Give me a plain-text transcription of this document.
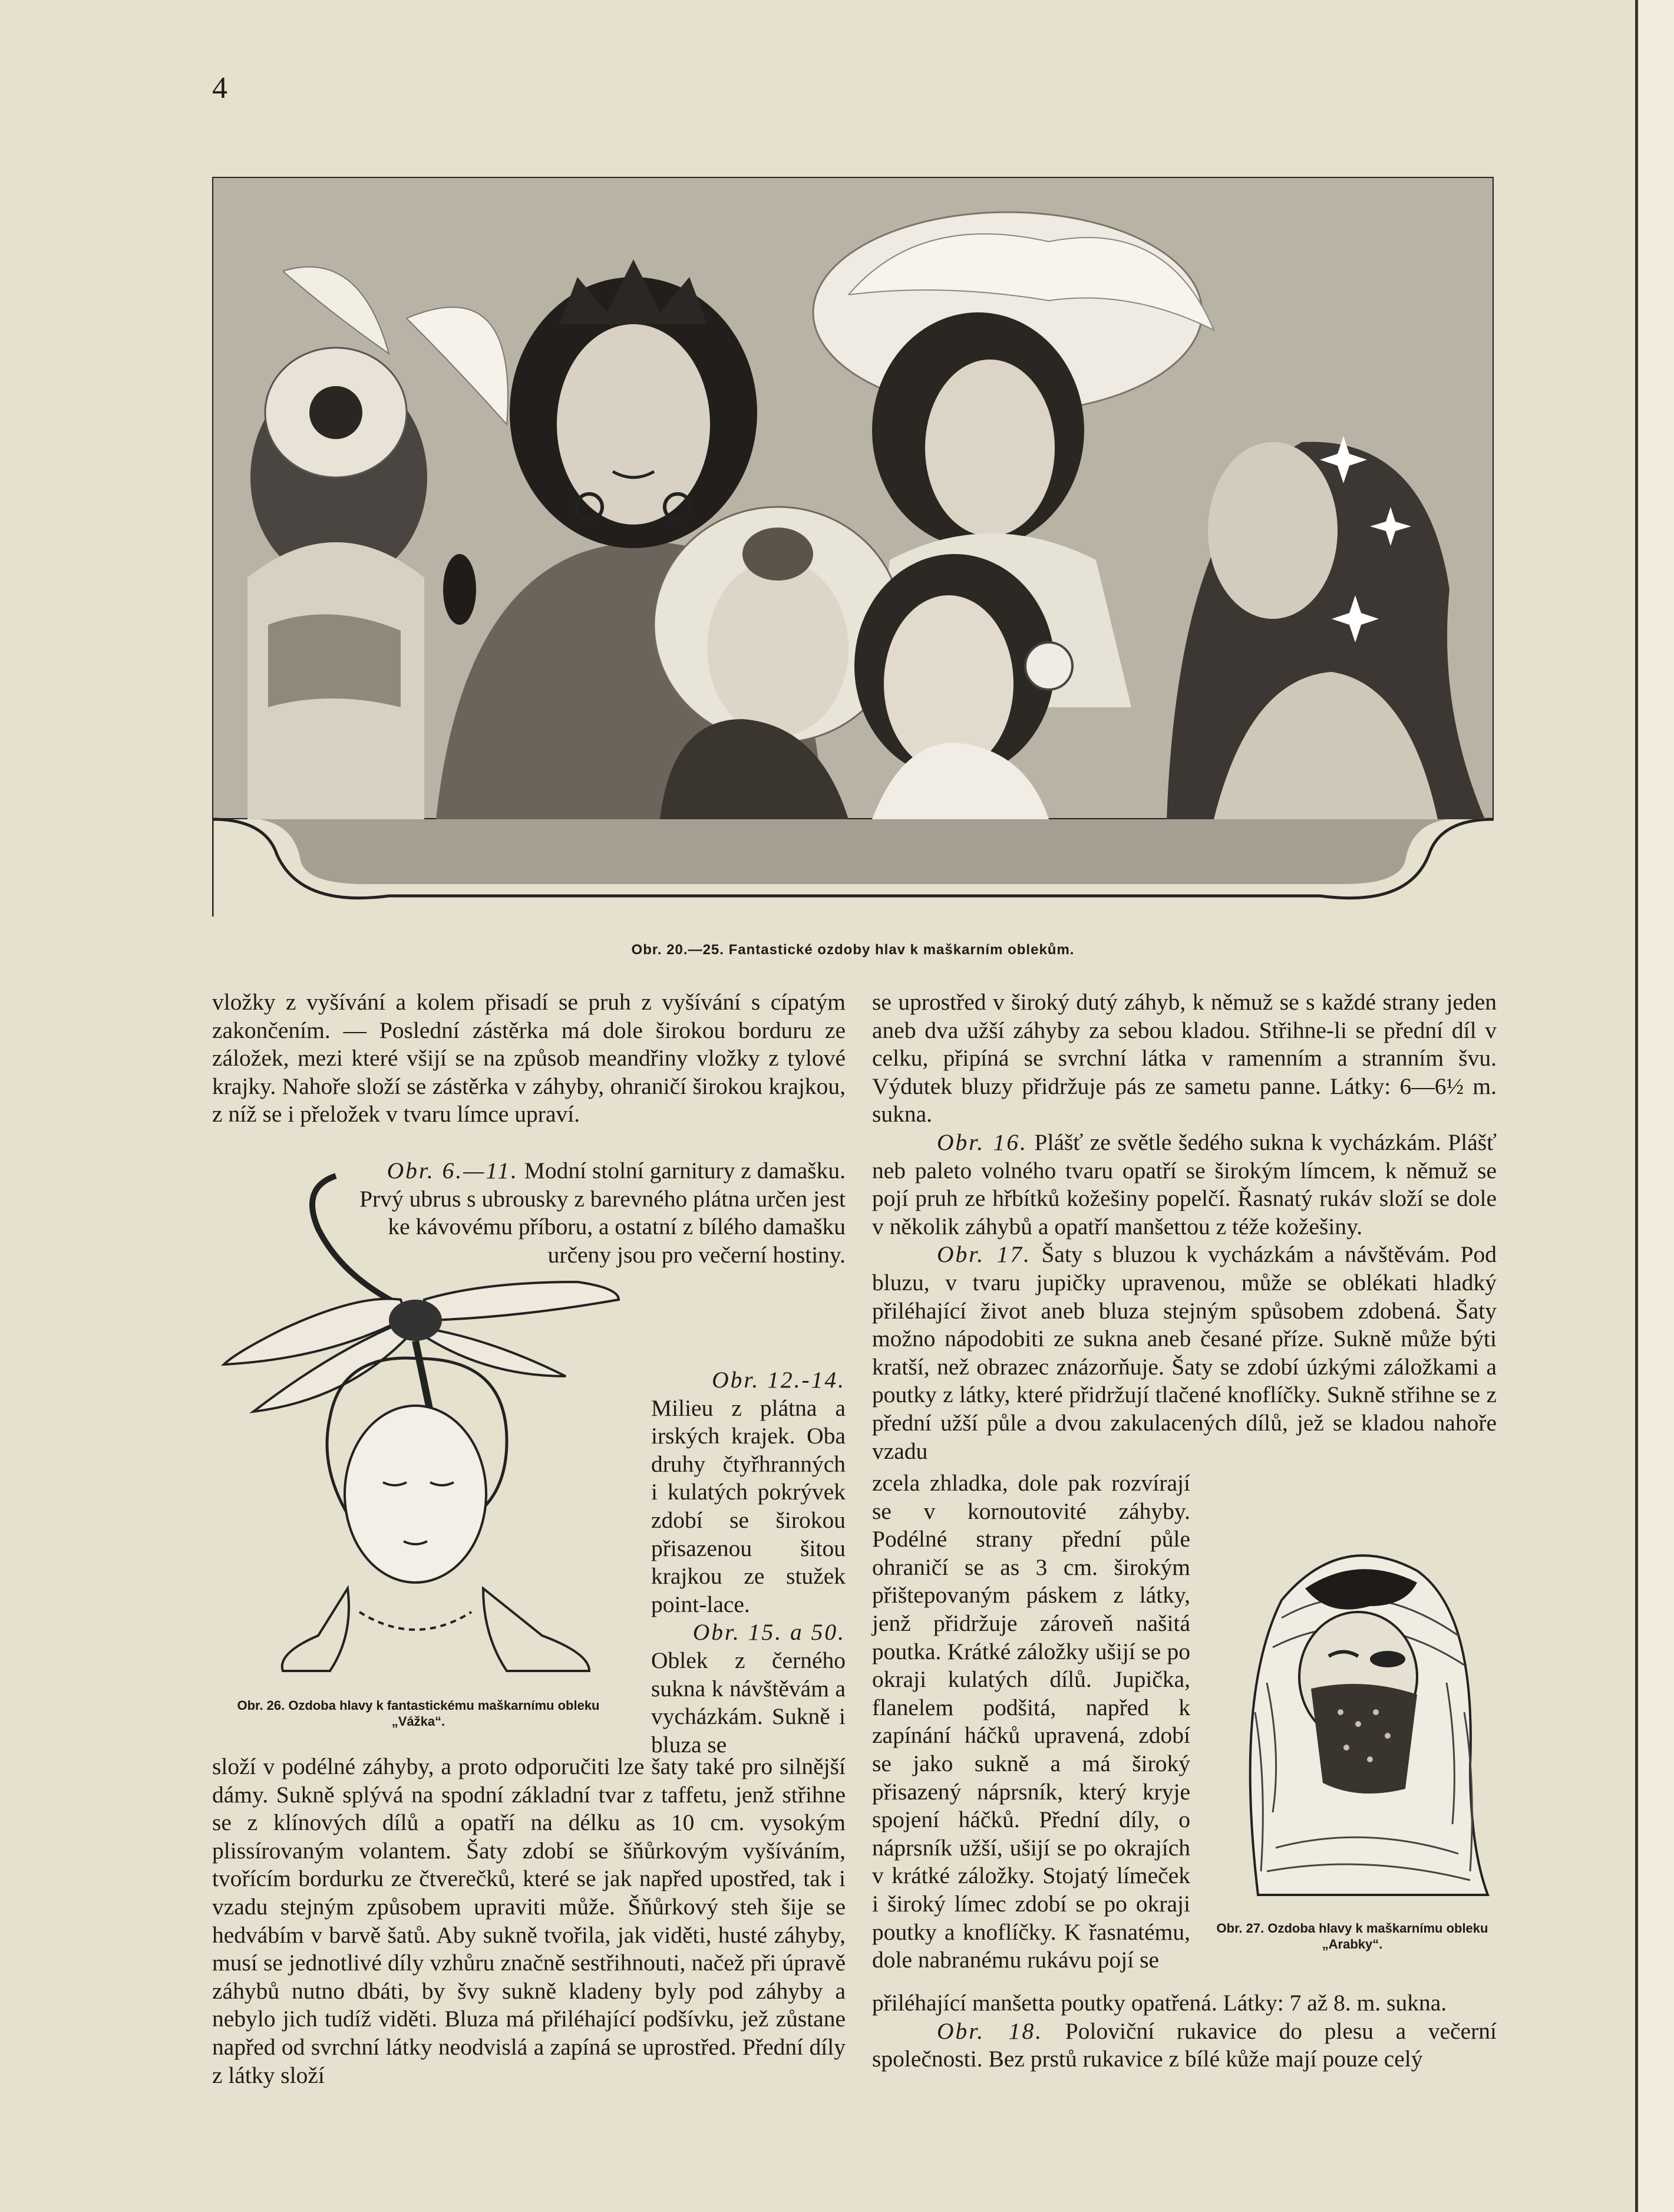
4
Obr. 20.—25. Fantastické ozdoby hlav k maškarním oblekům.

vložky z vyšívání a kolem přisadí se pruh z vyšívání s cípatým zakončením. — Poslední zástěrka má dole širokou borduru ze záložek, mezi které všijí se na způsob meandřiny vložky z tylové krajky. Nahoře složí se zástěrka v záhyby, ohraničí širokou krajkou, z níž se i přeložek v tvaru límce upraví.

Obr. 26. Ozdoba hlavy k fantastickému maškarnímu obleku „Vážka“.

Obr. 6.—11. Modní stolní garnitury z damašku. Prvý ubrus s ubrousky z barevného plátna určen jest ke kávovému příboru, a ostatní z bílého damašku určeny jsou pro večerní hostiny.

Obr. 12.-14.

Milieu z plátna a irských krajek. Oba druhy čtyřhranných i kulatých pokrývek zdobí se širokou přisazenou šitou krajkou ze stužek point-lace.

Obr. 15. a 50.

Oblek z černého sukna k návštěvám a vycházkám. Sukně i bluza se

složí v podélné záhyby, a proto odporučiti lze šaty také pro silnější dámy. Sukně splývá na spodní základní tvar z taffetu, jenž střihne se z klínových dílů a opatří na délku as 10 cm. vysokým plissírovaným volantem. Šaty zdobí se šňůrkovým vyšíváním, tvořícím bordurku ze čtverečků, které se jak napřed upostřed, tak i vzadu stejným způsobem upraviti může. Šňůrkový steh šije se hedvábím v barvě šatů. Aby sukně tvořila, jak viděti, husté záhyby, musí se jednotlivé díly vzhůru značně sestřihnouti, načež při úpravě záhybů nutno dbáti, by švy sukně kladeny byly pod záhyby a nebylo jich tudíž viděti. Bluza má přiléhající podšívku, jež zůstane napřed od svrchní látky neodvislá a zapíná se uprostřed. Přední díly z látky složí

se uprostřed v široký dutý záhyb, k němuž se s každé strany jeden aneb dva užší záhyby za sebou kladou. Střihne-li se přední díl v celku, připíná se svrchní látka v ramenním a stranním švu. Výdutek bluzy přidržuje pás ze sametu panne. Látky: 6—6½ m. sukna.

Obr. 16. Plášť ze světle šedého sukna k vycházkám. Plášť neb paleto volného tvaru opatří se širokým límcem, k němuž se pojí pruh ze hřbítků kožešiny popelčí. Řasnatý rukáv složí se dole v několik záhybů a opatří manšettou z téže kožešiny.

Obr. 17. Šaty s bluzou k vycházkám a návštěvám. Pod bluzu, v tvaru jupičky upravenou, může se oblékati hladký přiléhající život aneb bluza stejným spůsobem zdobená. Šaty možno nápodobiti ze sukna aneb česané příze. Sukně může býti kratší, než obrazec znázorňuje. Šaty se zdobí úzkými záložkami a poutky z látky, které přidržují tlačené knoflíčky. Sukně střihne se z přední užší půle a dvou zakulacených dílů, jež se kladou nahoře vzadu

zcela zhladka, dole pak rozvírají se v kornoutovité záhyby. Podélné strany přední půle ohraničí se as 3 cm. širokým přištepovaným páskem z látky, jenž přidržuje zároveň našitá poutka. Krátké záložky ušijí se po okraji kulatých dílů. Jupička, flanelem podšitá, napřed k zapínání háčků upravená, zdobí se jako sukně a má široký přisazený náprsník, který kryje spojení háčků. Přední díly, o náprsník užší, ušijí se po okrajích v krátké záložky. Stojatý límeček i široký límec zdobí se po okraji poutky a knoflíčky. K řasnatému, dole nabranému rukávu pojí se

Obr. 27. Ozdoba hlavy k maškarnímu obleku „Arabky“.

přiléhající manšetta poutky opatřená. Látky: 7 až 8. m. sukna.

Obr. 18. Poloviční rukavice do plesu a večerní společnosti. Bez prstů rukavice z bílé kůže mají pouze celý
